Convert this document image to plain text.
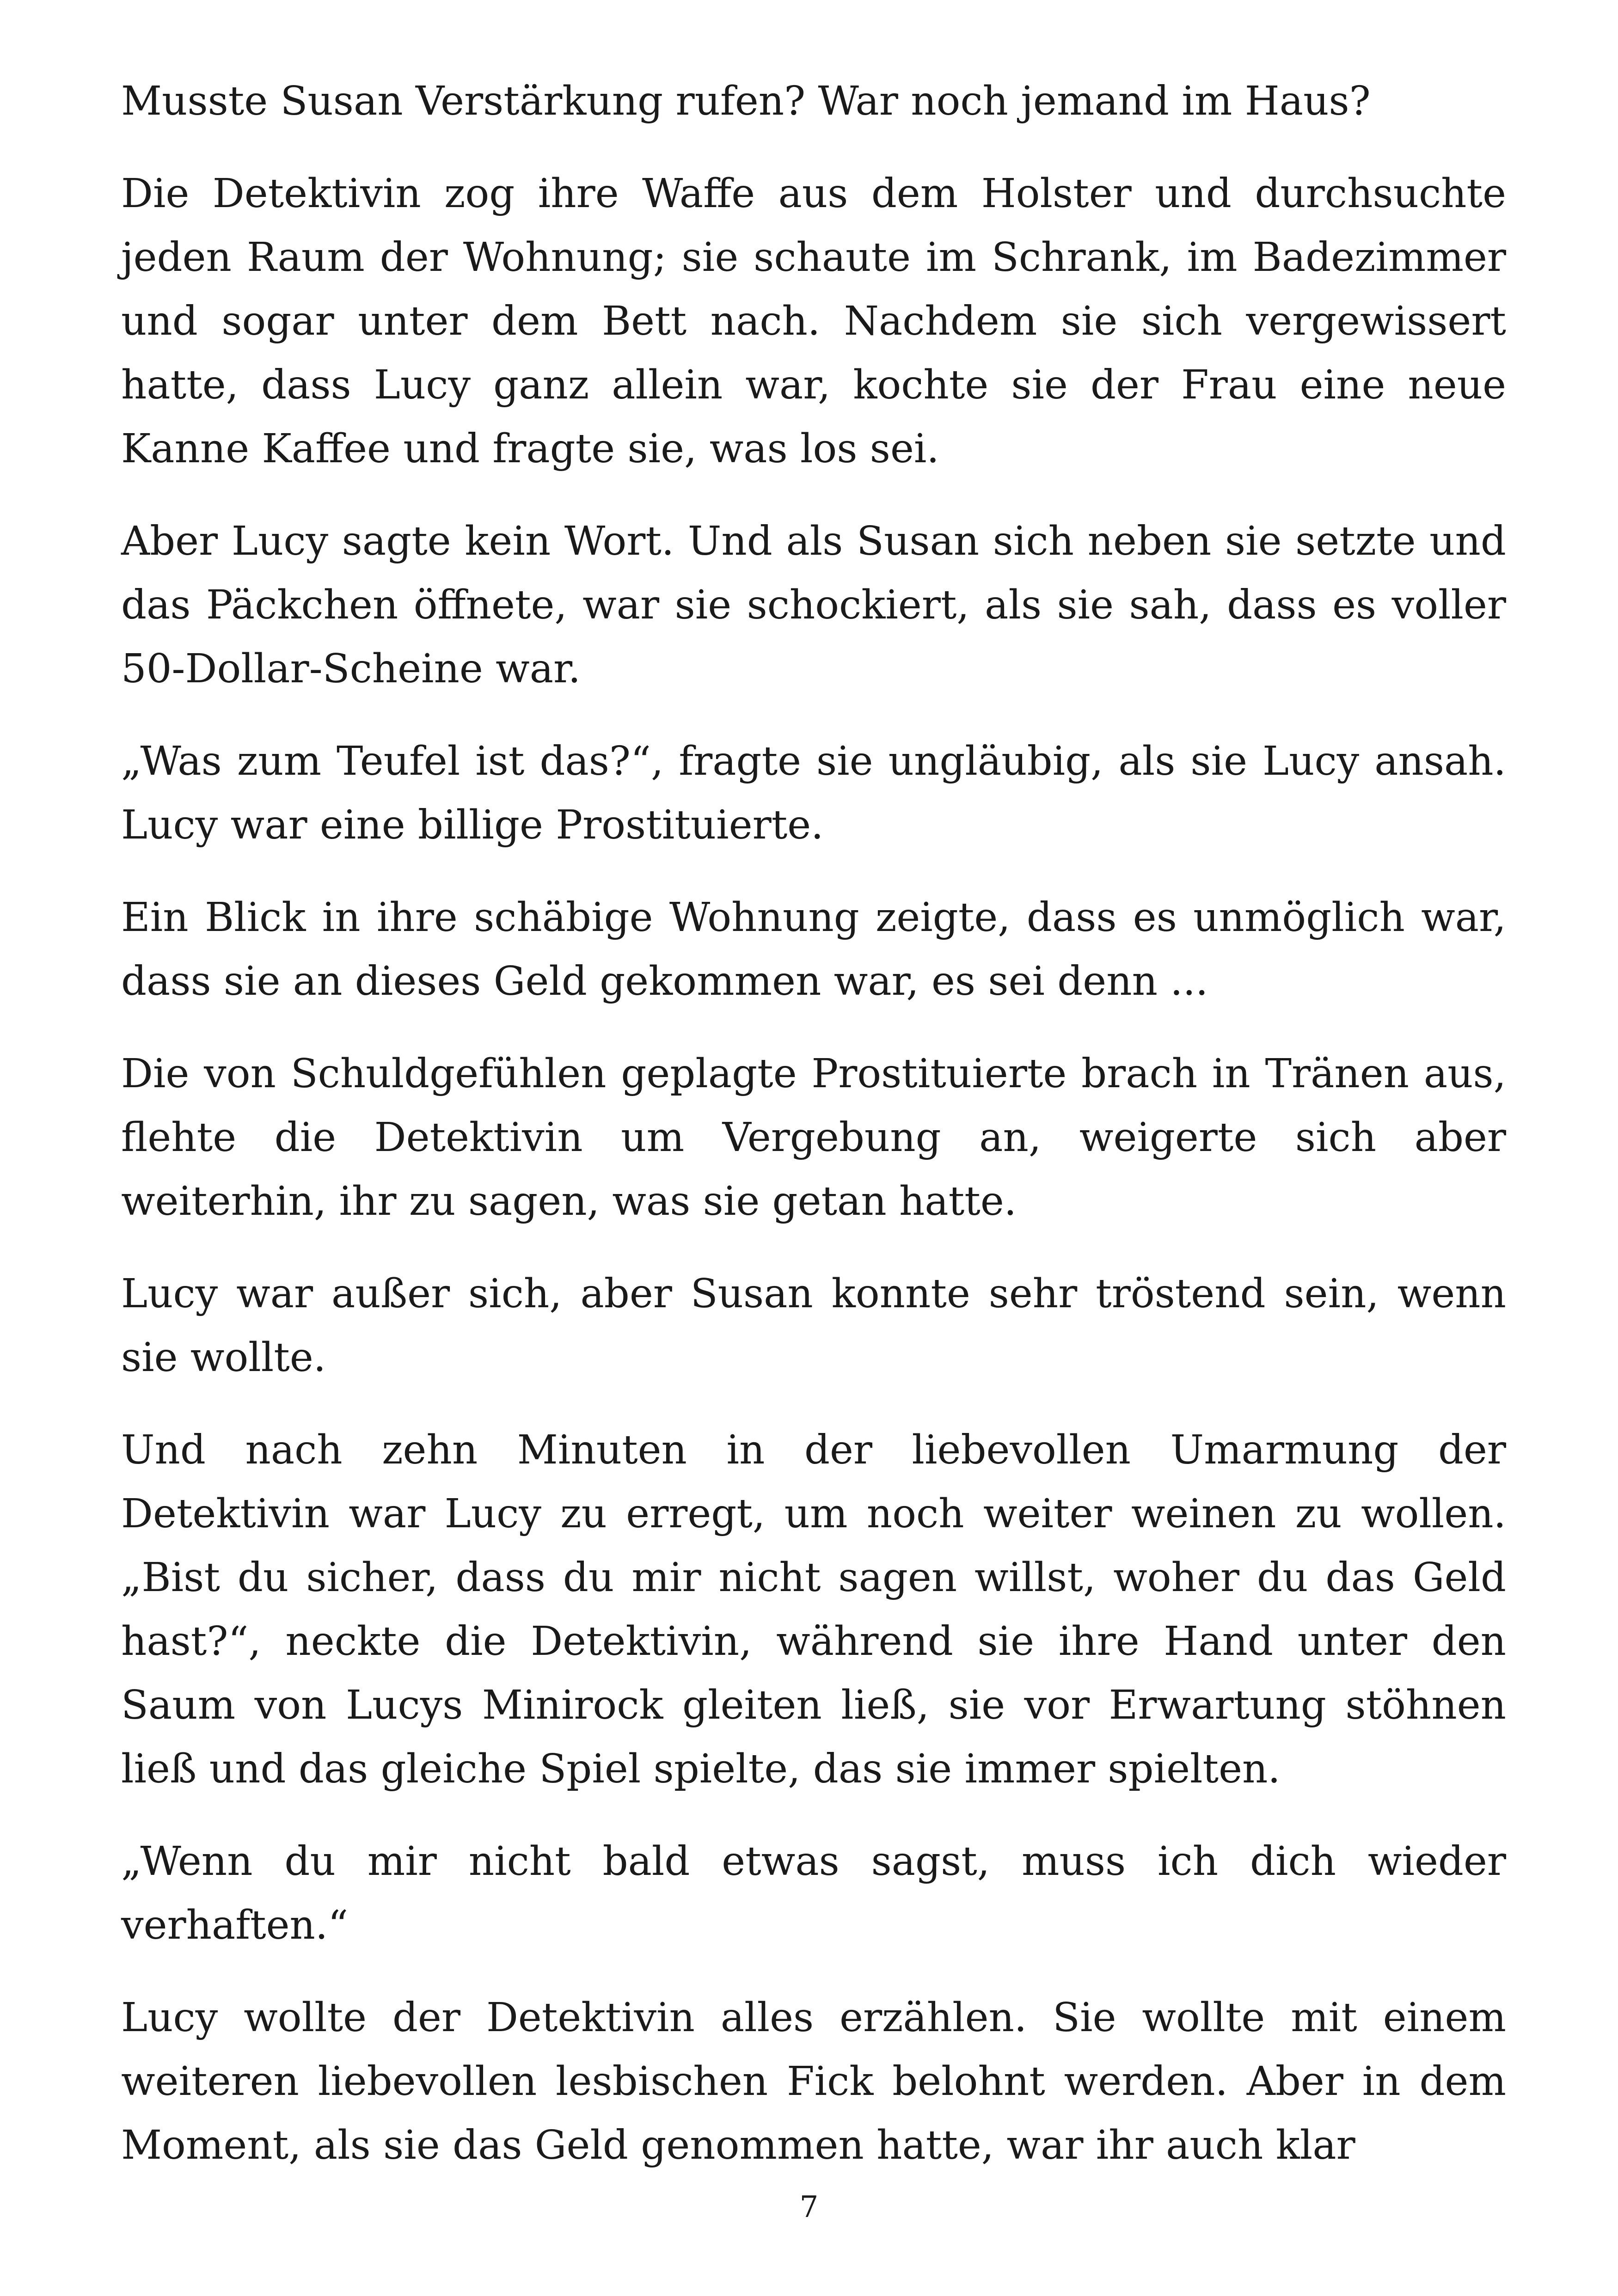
Musste Susan Verstärkung rufen? War noch jemand im Haus?

Die Detektivin zog ihre Waffe aus dem Holster und durchsuchte jeden Raum der Wohnung; sie schaute im Schrank, im Badezimmer und sogar unter dem Bett nach. Nachdem sie sich vergewissert hatte, dass Lucy ganz allein war, kochte sie der Frau eine neue Kanne Kaffee und fragte sie, was los sei.

Aber Lucy sagte kein Wort. Und als Susan sich neben sie setzte und das Päckchen öffnete, war sie schockiert, als sie sah, dass es voller 50-Dollar-Scheine war.

„Was zum Teufel ist das?“, fragte sie ungläubig, als sie Lucy ansah. Lucy war eine billige Prostituierte.

Ein Blick in ihre schäbige Wohnung zeigte, dass es unmöglich war, dass sie an dieses Geld gekommen war, es sei denn ...

Die von Schuldgefühlen geplagte Prostituierte brach in Tränen aus, flehte die Detektivin um Vergebung an, weigerte sich aber weiterhin, ihr zu sagen, was sie getan hatte.

Lucy war außer sich, aber Susan konnte sehr tröstend sein, wenn sie wollte.

Und nach zehn Minuten in der liebevollen Umarmung der Detektivin war Lucy zu erregt, um noch weiter weinen zu wollen. „Bist du sicher, dass du mir nicht sagen willst, woher du das Geld hast?“, neckte die Detektivin, während sie ihre Hand unter den Saum von Lucys Minirock gleiten ließ, sie vor Erwartung stöhnen ließ und das gleiche Spiel spielte, das sie immer spielten.

„Wenn du mir nicht bald etwas sagst, muss ich dich wieder verhaften.“

Lucy wollte der Detektivin alles erzählen. Sie wollte mit einem weiteren liebevollen lesbischen Fick belohnt werden. Aber in dem Moment, als sie das Geld genommen hatte, war ihr auch klar

7
